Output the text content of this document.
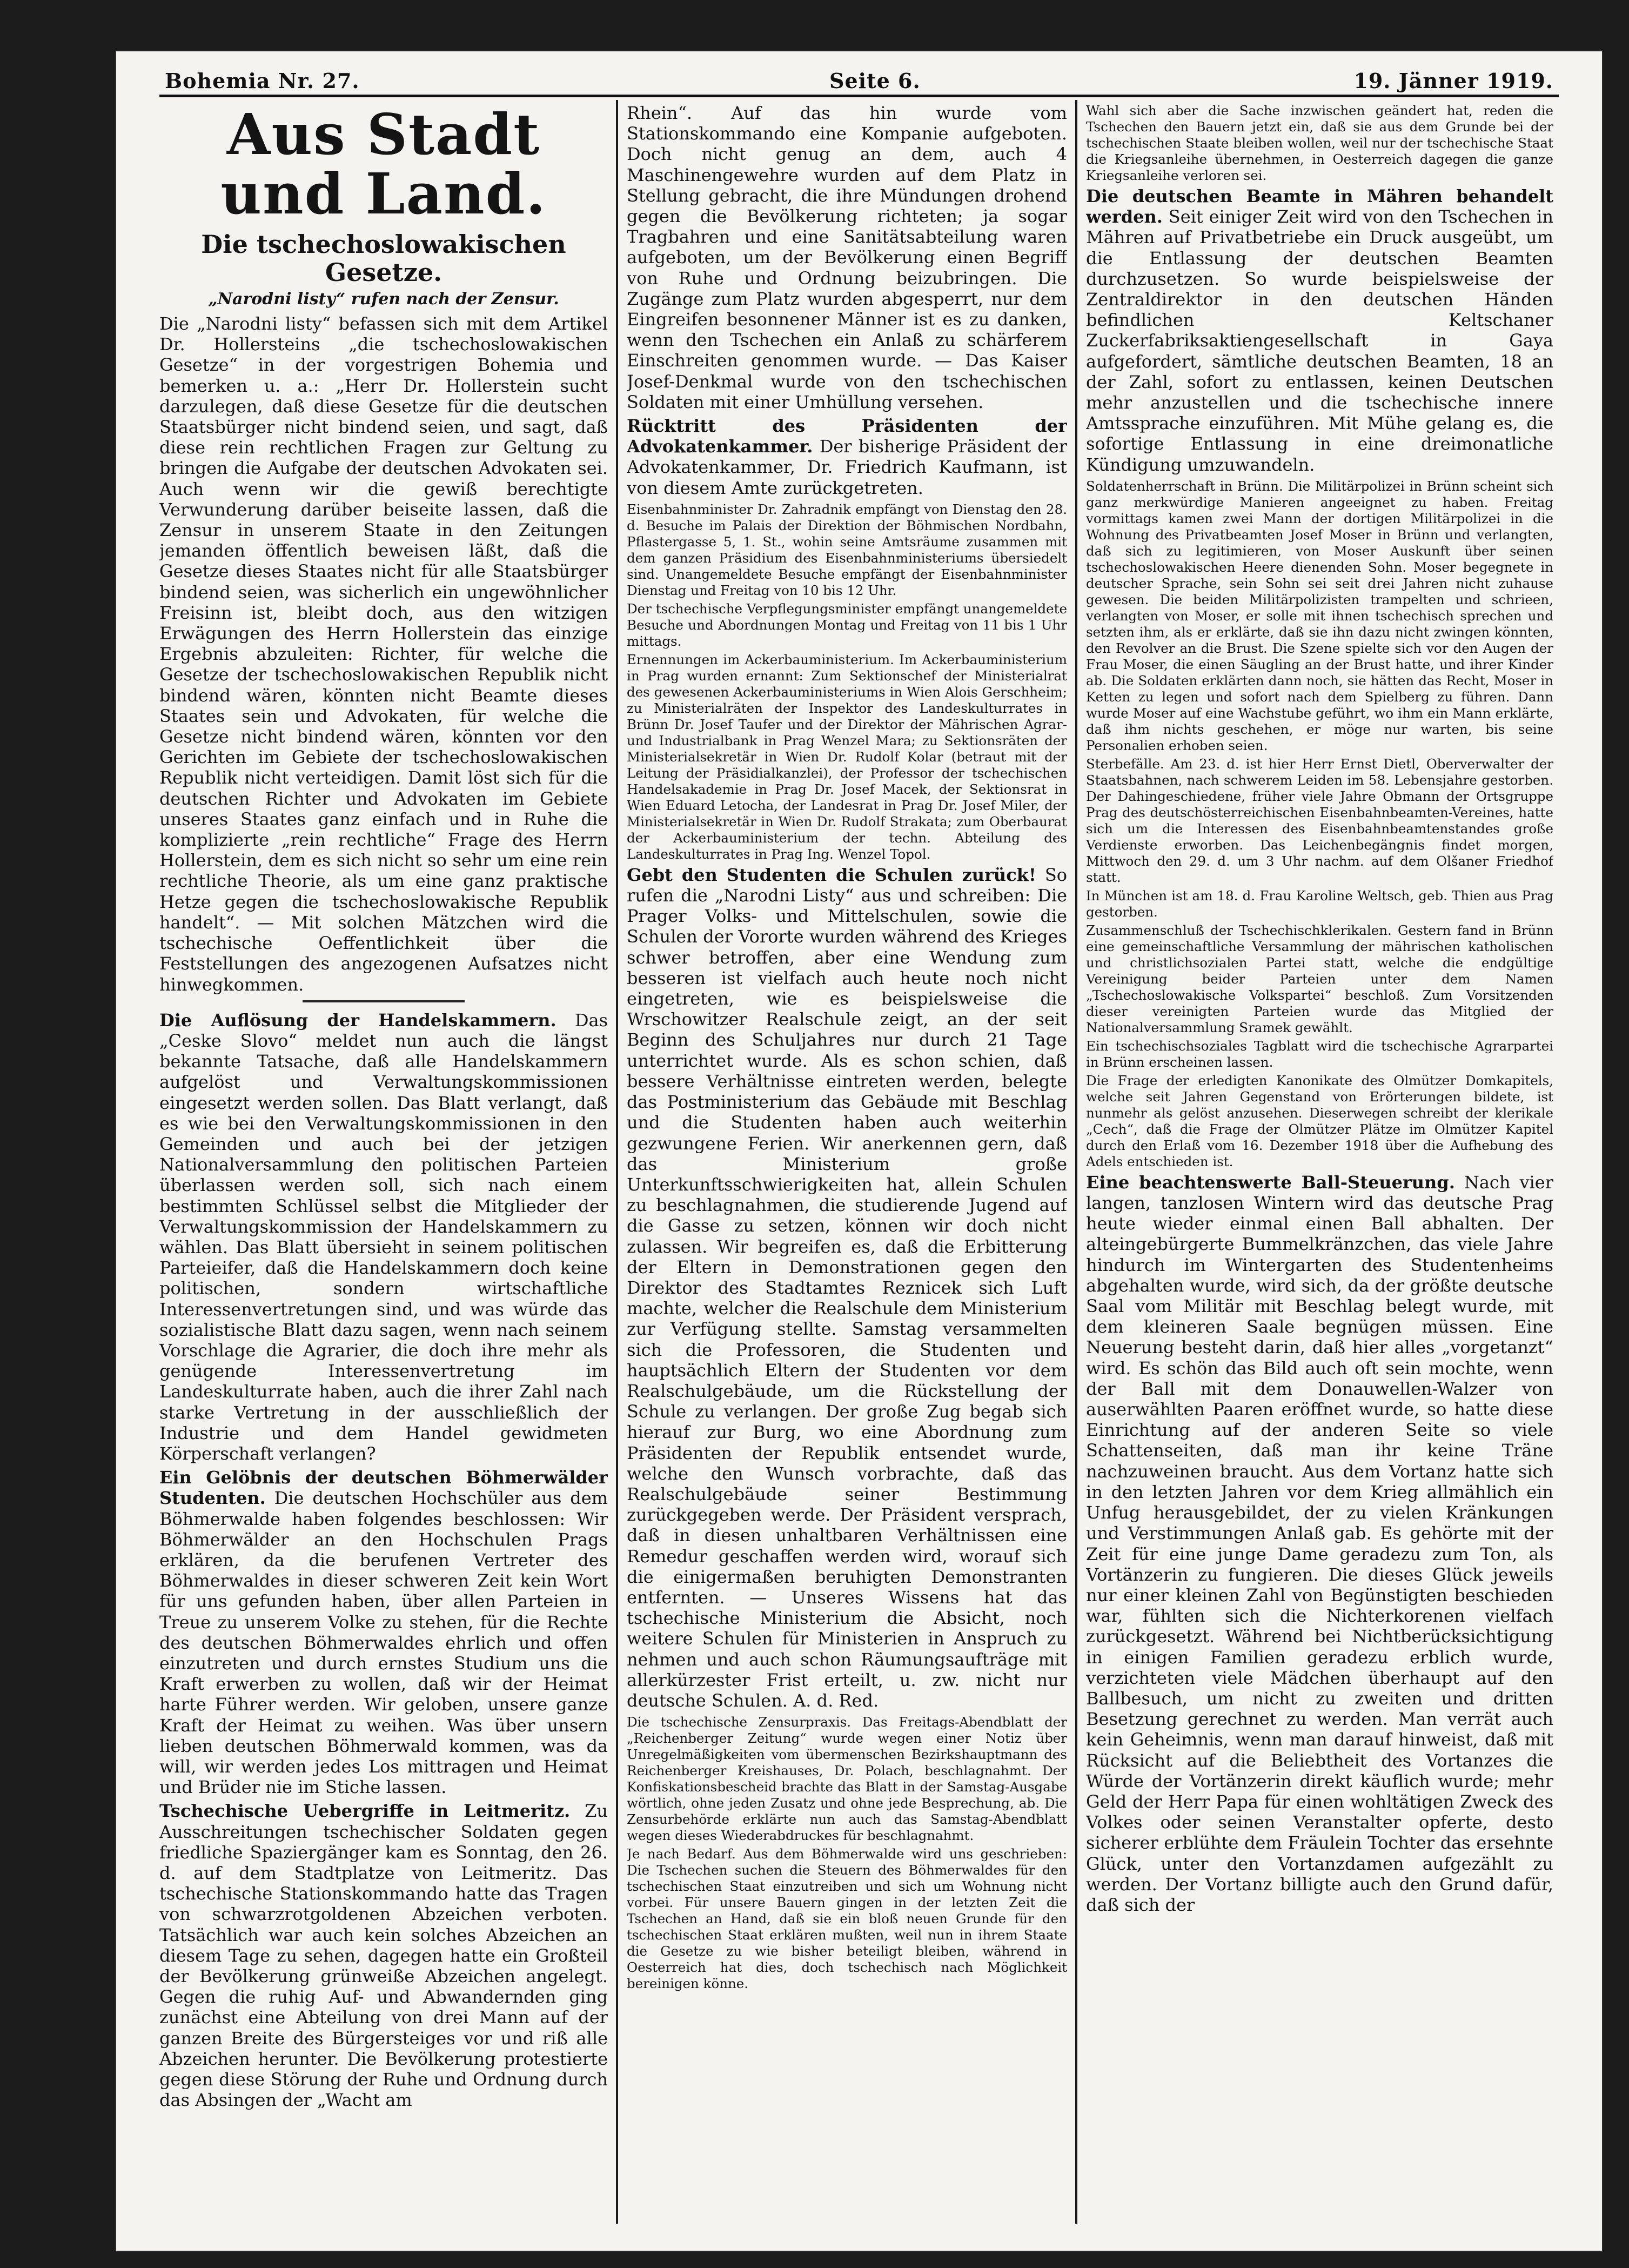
Bohemia Nr. 27.	Seite 6.	19. Jänner 1919.
Aus Stadt und Land.
Die tschechoslowakischen Gesetze.
„Narodni listy“ rufen nach der Zensur.

Die „Narodni listy“ befassen sich mit dem Artikel Dr. Hollersteins „die tschechoslowakischen Gesetze“ in der vorgestrigen Bohemia und bemerken u. a.: „Herr Dr. Hollerstein sucht darzulegen, daß diese Gesetze für die deutschen Staatsbürger nicht bindend seien, und sagt, daß diese rein rechtlichen Fragen zur Geltung zu bringen die Aufgabe der deutschen Advokaten sei. Auch wenn wir die gewiß berechtigte Verwunderung darüber beiseite lassen, daß die Zensur in unserem Staate in den Zeitungen jemanden öffentlich beweisen läßt, daß die Gesetze dieses Staates nicht für alle Staatsbürger bindend seien, was sicherlich ein ungewöhnlicher Freisinn ist, bleibt doch, aus den witzigen Erwägungen des Herrn Hollerstein das einzige Ergebnis abzuleiten: Richter, für welche die Gesetze der tschechoslowakischen Republik nicht bindend wären, könnten nicht Beamte dieses Staates sein und Advokaten, für welche die Gesetze nicht bindend wären, könnten vor den Gerichten im Gebiete der tschechoslowakischen Republik nicht verteidigen. Damit löst sich für die deutschen Richter und Advokaten im Gebiete unseres Staates ganz einfach und in Ruhe die komplizierte „rein rechtliche“ Frage des Herrn Hollerstein, dem es sich nicht so sehr um eine rein rechtliche Theorie, als um eine ganz praktische Hetze gegen die tschechoslowakische Republik handelt“. — Mit solchen Mätzchen wird die tschechische Oeffentlichkeit über die Feststellungen des angezogenen Aufsatzes nicht hinwegkommen.

Die Auflösung der Handelskammern. Das „Ceske Slovo“ meldet nun auch die längst bekannte Tatsache, daß alle Handelskammern aufgelöst und Verwaltungskommissionen eingesetzt werden sollen. Das Blatt verlangt, daß es wie bei den Verwaltungskommissionen in den Gemeinden und auch bei der jetzigen Nationalversammlung den politischen Parteien überlassen werden soll, sich nach einem bestimmten Schlüssel selbst die Mitglieder der Verwaltungskommission der Handelskammern zu wählen. Das Blatt übersieht in seinem politischen Parteieifer, daß die Handelskammern doch keine politischen, sondern wirtschaftliche Interessenvertretungen sind, und was würde das sozialistische Blatt dazu sagen, wenn nach seinem Vorschlage die Agrarier, die doch ihre mehr als genügende Interessenvertretung im Landeskulturrate haben, auch die ihrer Zahl nach starke Vertretung in der ausschließlich der Industrie und dem Handel gewidmeten Körperschaft verlangen?

Ein Gelöbnis der deutschen Böhmerwälder Studenten. Die deutschen Hochschüler aus dem Böhmerwalde haben folgendes beschlossen: Wir Böhmerwälder an den Hochschulen Prags erklären, da die berufenen Vertreter des Böhmerwaldes in dieser schweren Zeit kein Wort für uns gefunden haben, über allen Parteien in Treue zu unserem Volke zu stehen, für die Rechte des deutschen Böhmerwaldes ehrlich und offen einzutreten und durch ernstes Studium uns die Kraft erwerben zu wollen, daß wir der Heimat harte Führer werden. Wir geloben, unsere ganze Kraft der Heimat zu weihen. Was über unsern lieben deutschen Böhmerwald kommen, was da will, wir werden jedes Los mittragen und Heimat und Brüder nie im Stiche lassen.

Tschechische Uebergriffe in Leitmeritz. Zu Ausschreitungen tschechischer Soldaten gegen friedliche Spaziergänger kam es Sonntag, den 26. d. auf dem Stadtplatze von Leitmeritz. Das tschechische Stationskommando hatte das Tragen von schwarzrotgoldenen Abzeichen verboten. Tatsächlich war auch kein solches Abzeichen an diesem Tage zu sehen, dagegen hatte ein Großteil der Bevölkerung grünweiße Abzeichen angelegt. Gegen die ruhig Auf- und Abwandernden ging zunächst eine Abteilung von drei Mann auf der ganzen Breite des Bürgersteiges vor und riß alle Abzeichen herunter. Die Bevölkerung protestierte gegen diese Störung der Ruhe und Ordnung durch das Absingen der „Wacht am

Rhein“. Auf das hin wurde vom Stationskommando eine Kompanie aufgeboten. Doch nicht genug an dem, auch 4 Maschinengewehre wurden auf dem Platz in Stellung gebracht, die ihre Mündungen drohend gegen die Bevölkerung richteten; ja sogar Tragbahren und eine Sanitätsabteilung waren aufgeboten, um der Bevölkerung einen Begriff von Ruhe und Ordnung beizubringen. Die Zugänge zum Platz wurden abgesperrt, nur dem Eingreifen besonnener Männer ist es zu danken, wenn den Tschechen ein Anlaß zu schärferem Einschreiten genommen wurde. — Das Kaiser Josef-Denkmal wurde von den tschechischen Soldaten mit einer Umhüllung versehen.

Rücktritt des Präsidenten der Advokatenkammer. Der bisherige Präsident der Advokatenkammer, Dr. Friedrich Kaufmann, ist von diesem Amte zurückgetreten.

Eisenbahnminister Dr. Zahradnik empfängt von Dienstag den 28. d. Besuche im Palais der Direktion der Böhmischen Nordbahn, Pflastergasse 5, 1. St., wohin seine Amtsräume zusammen mit dem ganzen Präsidium des Eisenbahnministeriums übersiedelt sind. Unangemeldete Besuche empfängt der Eisenbahnminister Dienstag und Freitag von 10 bis 12 Uhr.

Der tschechische Verpflegungsminister empfängt unangemeldete Besuche und Abordnungen Montag und Freitag von 11 bis 1 Uhr mittags.

Ernennungen im Ackerbauministerium. Im Ackerbauministerium in Prag wurden ernannt: Zum Sektionschef der Ministerialrat des gewesenen Ackerbauministeriums in Wien Alois Gerschheim; zu Ministerialräten der Inspektor des Landeskulturrates in Brünn Dr. Josef Taufer und der Direktor der Mährischen Agrar- und Industrialbank in Prag Wenzel Mara; zu Sektionsräten der Ministerialsekretär in Wien Dr. Rudolf Kolar (betraut mit der Leitung der Präsidialkanzlei), der Professor der tschechischen Handelsakademie in Prag Dr. Josef Macek, der Sektionsrat in Wien Eduard Letocha, der Landesrat in Prag Dr. Josef Miler, der Ministerialsekretär in Wien Dr. Rudolf Strakata; zum Oberbaurat der Ackerbauministerium der techn. Abteilung des Landeskulturrates in Prag Ing. Wenzel Topol.

Gebt den Studenten die Schulen zurück! So rufen die „Narodni Listy“ aus und schreiben: Die Prager Volks- und Mittelschulen, sowie die Schulen der Vororte wurden während des Krieges schwer betroffen, aber eine Wendung zum besseren ist vielfach auch heute noch nicht eingetreten, wie es beispielsweise die Wrschowitzer Realschule zeigt, an der seit Beginn des Schuljahres nur durch 21 Tage unterrichtet wurde. Als es schon schien, daß bessere Verhältnisse eintreten werden, belegte das Postministerium das Gebäude mit Beschlag und die Studenten haben auch weiterhin gezwungene Ferien. Wir anerkennen gern, daß das Ministerium große Unterkunftsschwierigkeiten hat, allein Schulen zu beschlagnahmen, die studierende Jugend auf die Gasse zu setzen, können wir doch nicht zulassen. Wir begreifen es, daß die Erbitterung der Eltern in Demonstrationen gegen den Direktor des Stadtamtes Reznicek sich Luft machte, welcher die Realschule dem Ministerium zur Verfügung stellte. Samstag versammelten sich die Professoren, die Studenten und hauptsächlich Eltern der Studenten vor dem Realschulgebäude, um die Rückstellung der Schule zu verlangen. Der große Zug begab sich hierauf zur Burg, wo eine Abordnung zum Präsidenten der Republik entsendet wurde, welche den Wunsch vorbrachte, daß das Realschulgebäude seiner Bestimmung zurückgegeben werde. Der Präsident versprach, daß in diesen unhaltbaren Verhältnissen eine Remedur geschaffen werden wird, worauf sich die einigermaßen beruhigten Demonstranten entfernten. — Unseres Wissens hat das tschechische Ministerium die Absicht, noch weitere Schulen für Ministerien in Anspruch zu nehmen und auch schon Räumungsaufträge mit allerkürzester Frist erteilt, u. zw. nicht nur deutsche Schulen. A. d. Red.

Die tschechische Zensurpraxis. Das Freitags-Abendblatt der „Reichenberger Zeitung“ wurde wegen einer Notiz über Unregelmäßigkeiten vom übermenschen Bezirkshauptmann des Reichenberger Kreishauses, Dr. Polach, beschlagnahmt. Der Konfiskationsbescheid brachte das Blatt in der Samstag-Ausgabe wörtlich, ohne jeden Zusatz und ohne jede Besprechung, ab. Die Zensurbehörde erklärte nun auch das Samstag-Abendblatt wegen dieses Wiederabdruckes für beschlagnahmt.

Je nach Bedarf. Aus dem Böhmerwalde wird uns geschrieben: Die Tschechen suchen die Steuern des Böhmerwaldes für den tschechischen Staat einzutreiben und sich um Wohnung nicht vorbei. Für unsere Bauern gingen in der letzten Zeit die Tschechen an Hand, daß sie ein bloß neuen Grunde für den tschechischen Staat erklären mußten, weil nun in ihrem Staate die Gesetze zu wie bisher beteiligt bleiben, während in Oesterreich hat dies, doch tschechisch nach Möglichkeit bereinigen könne.

Wahl sich aber die Sache inzwischen geändert hat, reden die Tschechen den Bauern jetzt ein, daß sie aus dem Grunde bei der tschechischen Staate bleiben wollen, weil nur der tschechische Staat die Kriegsanleihe übernehmen, in Oesterreich dagegen die ganze Kriegsanleihe verloren sei.

Die deutschen Beamte in Mähren behandelt werden. Seit einiger Zeit wird von den Tschechen in Mähren auf Privatbetriebe ein Druck ausgeübt, um die Entlassung der deutschen Beamten durchzusetzen. So wurde beispielsweise der Zentraldirektor in den deutschen Händen befindlichen Keltschaner Zuckerfabriksaktiengesellschaft in Gaya aufgefordert, sämtliche deutschen Beamten, 18 an der Zahl, sofort zu entlassen, keinen Deutschen mehr anzustellen und die tschechische innere Amtssprache einzuführen. Mit Mühe gelang es, die sofortige Entlassung in eine dreimonatliche Kündigung umzuwandeln.

Soldatenherrschaft in Brünn. Die Militärpolizei in Brünn scheint sich ganz merkwürdige Manieren angeeignet zu haben. Freitag vormittags kamen zwei Mann der dortigen Militärpolizei in die Wohnung des Privatbeamten Josef Moser in Brünn und verlangten, daß sich zu legitimieren, von Moser Auskunft über seinen tschechoslowakischen Heere dienenden Sohn. Moser begegnete in deutscher Sprache, sein Sohn sei seit drei Jahren nicht zuhause gewesen. Die beiden Militärpolizisten trampelten und schrieen, verlangten von Moser, er solle mit ihnen tschechisch sprechen und setzten ihm, als er erklärte, daß sie ihn dazu nicht zwingen könnten, den Revolver an die Brust. Die Szene spielte sich vor den Augen der Frau Moser, die einen Säugling an der Brust hatte, und ihrer Kinder ab. Die Soldaten erklärten dann noch, sie hätten das Recht, Moser in Ketten zu legen und sofort nach dem Spielberg zu führen. Dann wurde Moser auf eine Wachstube geführt, wo ihm ein Mann erklärte, daß ihm nichts geschehen, er möge nur warten, bis seine Personalien erhoben seien.

Sterbefälle. Am 23. d. ist hier Herr Ernst Dietl, Oberverwalter der Staatsbahnen, nach schwerem Leiden im 58. Lebensjahre gestorben. Der Dahingeschiedene, früher viele Jahre Obmann der Ortsgruppe Prag des deutschösterreichischen Eisenbahnbeamten-Vereines, hatte sich um die Interessen des Eisenbahnbeamtenstandes große Verdienste erworben. Das Leichenbegängnis findet morgen, Mittwoch den 29. d. um 3 Uhr nachm. auf dem Olšaner Friedhof statt.

In München ist am 18. d. Frau Karoline Weltsch, geb. Thien aus Prag gestorben.

Zusammenschluß der Tschechischklerikalen. Gestern fand in Brünn eine gemeinschaftliche Versammlung der mährischen katholischen und christlichsozialen Partei statt, welche die endgültige Vereinigung beider Parteien unter dem Namen „Tschechoslowakische Volkspartei“ beschloß. Zum Vorsitzenden dieser vereinigten Parteien wurde das Mitglied der Nationalversammlung Sramek gewählt.

Ein tschechischsoziales Tagblatt wird die tschechische Agrarpartei in Brünn erscheinen lassen.

Die Frage der erledigten Kanonikate des Olmützer Domkapitels, welche seit Jahren Gegenstand von Erörterungen bildete, ist nunmehr als gelöst anzusehen. Dieserwegen schreibt der klerikale „Cech“, daß die Frage der Olmützer Plätze im Olmützer Kapitel durch den Erlaß vom 16. Dezember 1918 über die Aufhebung des Adels entschieden ist.

Eine beachtenswerte Ball-Steuerung. Nach vier langen, tanzlosen Wintern wird das deutsche Prag heute wieder einmal einen Ball abhalten. Der alteingebürgerte Bummelkränzchen, das viele Jahre hindurch im Wintergarten des Studentenheims abgehalten wurde, wird sich, da der größte deutsche Saal vom Militär mit Beschlag belegt wurde, mit dem kleineren Saale begnügen müssen. Eine Neuerung besteht darin, daß hier alles „vorgetanzt“ wird. Es schön das Bild auch oft sein mochte, wenn der Ball mit dem Donauwellen-Walzer von auserwählten Paaren eröffnet wurde, so hatte diese Einrichtung auf der anderen Seite so viele Schattenseiten, daß man ihr keine Träne nachzuweinen braucht. Aus dem Vortanz hatte sich in den letzten Jahren vor dem Krieg allmählich ein Unfug herausgebildet, der zu vielen Kränkungen und Verstimmungen Anlaß gab. Es gehörte mit der Zeit für eine junge Dame geradezu zum Ton, als Vortänzerin zu fungieren. Die dieses Glück jeweils nur einer kleinen Zahl von Begünstigten beschieden war, fühlten sich die Nichterkorenen vielfach zurückgesetzt. Während bei Nichtberücksichtigung in einigen Familien geradezu erblich wurde, verzichteten viele Mädchen überhaupt auf den Ballbesuch, um nicht zu zweiten und dritten Besetzung gerechnet zu werden. Man verrät auch kein Geheimnis, wenn man darauf hinweist, daß mit Rücksicht auf die Beliebtheit des Vortanzes die Würde der Vortänzerin direkt käuflich wurde; mehr Geld der Herr Papa für einen wohltätigen Zweck des Volkes oder seinen Veranstalter opferte, desto sicherer erblühte dem Fräulein Tochter das ersehnte Glück, unter den Vortanzdamen aufgezählt zu werden. Der Vortanz billigte auch den Grund dafür, daß sich der
